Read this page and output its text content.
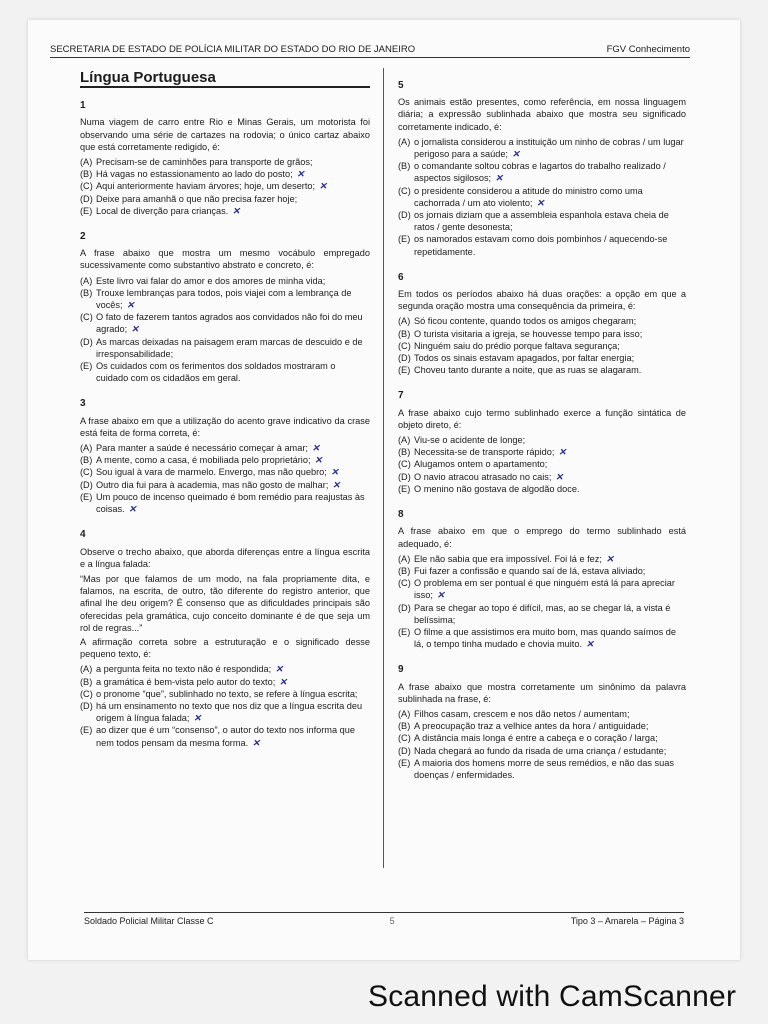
SECRETARIA DE ESTADO DE POLÍCIA MILITAR DO ESTADO DO RIO DE JANEIRO	FGV Conhecimento
Língua Portuguesa
1
Numa viagem de carro entre Rio e Minas Gerais, um motorista foi observando uma série de cartazes na rodovia; o único cartaz abaixo que está corretamente redigido, é:
(A) Precisam-se de caminhões para transporte de grãos;
(B) Há vagas no estassionamento ao lado do posto; ✕
(C) Aqui anteriormente haviam árvores; hoje, um deserto; ✕
(D) Deixe para amanhã o que não precisa fazer hoje;
(E) Local de diverção para crianças. ✕
2
A frase abaixo que mostra um mesmo vocábulo empregado sucessivamente como substantivo abstrato e concreto, é:
(A) Este livro vai falar do amor e dos amores de minha vida;
(B) Trouxe lembranças para todos, pois viajei com a lembrança de vocês; ✕
(C) O fato de fazerem tantos agrados aos convidados não foi do meu agrado; ✕
(D) As marcas deixadas na paisagem eram marcas de descuido e de irresponsabilidade;
(E) Os cuidados com os ferimentos dos soldados mostraram o cuidado com os cidadãos em geral.
3
A frase abaixo em que a utilização do acento grave indicativo da crase está feita de forma correta, é:
(A) Para manter a saúde é necessário começar à amar; ✕
(B) A mente, como a casa, é mobiliada pelo proprietário; ✕
(C) Sou igual à vara de marmelo. Envergo, mas não quebro; ✕
(D) Outro dia fui para à academia, mas não gosto de malhar; ✕
(E) Um pouco de incenso queimado é bom remédio para reajustas às coisas. ✕
4
Observe o trecho abaixo, que aborda diferenças entre a língua escrita e a língua falada:
“Mas por que falamos de um modo, na fala propriamente dita, e falamos, na escrita, de outro, tão diferente do registro anterior, que afinal lhe deu origem? É consenso que as dificuldades principais são oferecidas pela gramática, cujo conceito dominante é de que seja um rol de regras...”
A afirmação correta sobre a estruturação e o significado desse pequeno texto, é:
(A) a pergunta feita no texto não é respondida; ✕
(B) a gramática é bem-vista pelo autor do texto; ✕
(C) o pronome “que”, sublinhado no texto, se refere à língua escrita;
(D) há um ensinamento no texto que nos diz que a língua escrita deu origem à língua falada; ✕
(E) ao dizer que é um “consenso”, o autor do texto nos informa que nem todos pensam da mesma forma. ✕
5
Os animais estão presentes, como referência, em nossa linguagem diária; a expressão sublinhada abaixo que mostra seu significado corretamente indicado, é:
(A) o jornalista considerou a instituição um ninho de cobras / um lugar perigoso para a saúde; ✕
(B) o comandante soltou cobras e lagartos do trabalho realizado / aspectos sigilosos; ✕
(C) o presidente considerou a atitude do ministro como uma cachorrada / um ato violento; ✕
(D) os jornais diziam que a assembleia espanhola estava cheia de ratos / gente desonesta;
(E) os namorados estavam como dois pombinhos / aquecendo-se repetidamente.
6
Em todos os períodos abaixo há duas orações: a opção em que a segunda oração mostra uma consequência da primeira, é:
(A) Só ficou contente, quando todos os amigos chegaram;
(B) O turista visitaria a igreja, se houvesse tempo para isso;
(C) Ninguém saiu do prédio porque faltava segurança;
(D) Todos os sinais estavam apagados, por faltar energia;
(E) Choveu tanto durante a noite, que as ruas se alagaram.
7
A frase abaixo cujo termo sublinhado exerce a função sintática de objeto direto, é:
(A) Viu-se o acidente de longe;
(B) Necessita-se de transporte rápido; ✕
(C) Alugamos ontem o apartamento;
(D) O navio atracou atrasado no cais; ✕
(E) O menino não gostava de algodão doce.
8
A frase abaixo em que o emprego do termo sublinhado está adequado, é:
(A) Ele não sabia que era impossível. Foi lá e fez; ✕
(B) Fui fazer a confissão e quando saí de lá, estava aliviado;
(C) O problema em ser pontual é que ninguém está lá para apreciar isso; ✕
(D) Para se chegar ao topo é difícil, mas, ao se chegar lá, a vista é belíssima;
(E) O filme a que assistimos era muito bom, mas quando saímos de lá, o tempo tinha mudado e chovia muito. ✕
9
A frase abaixo que mostra corretamente um sinônimo da palavra sublinhada na frase, é:
(A) Filhos casam, crescem e nos dão netos / aumentam;
(B) A preocupação traz a velhice antes da hora / antiguidade;
(C) A distância mais longa é entre a cabeça e o coração / larga;
(D) Nada chegará ao fundo da risada de uma criança / estudante;
(E) A maioria dos homens morre de seus remédios, e não das suas doenças / enfermidades.
Soldado Policial Militar Classe C	5	Tipo 3 – Amarela – Página 3
Scanned with CamScanner
